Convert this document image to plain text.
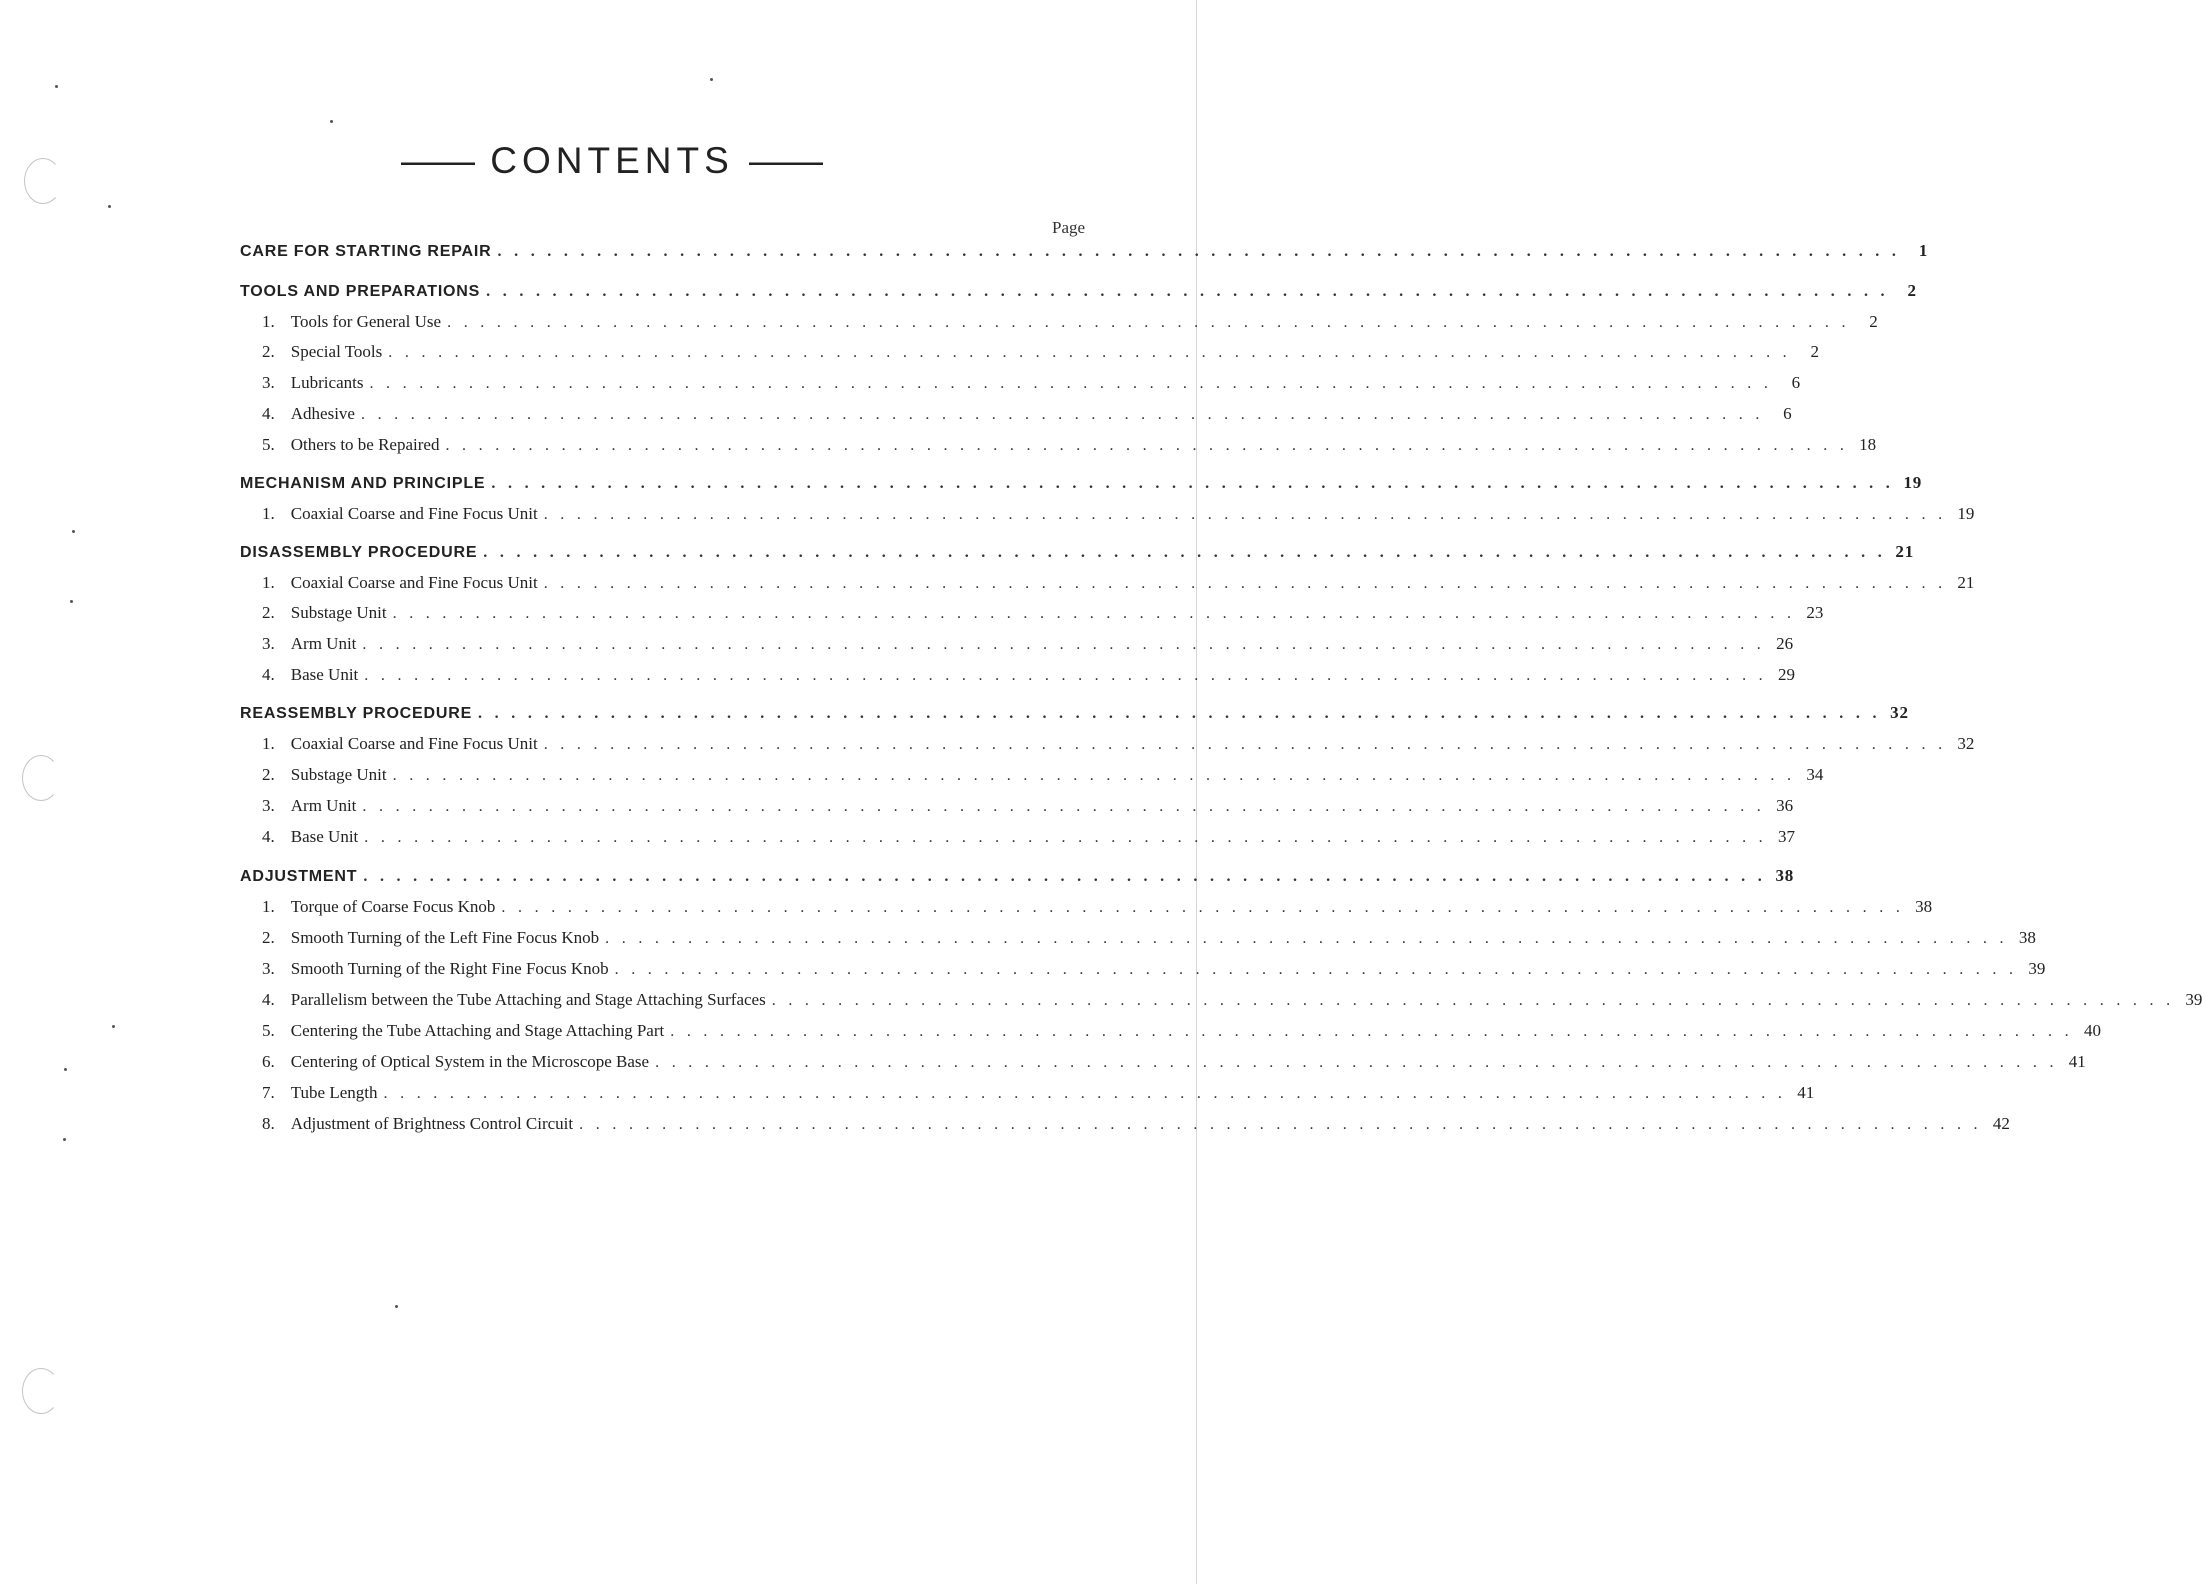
—— CONTENTS ——
Page
CARE FOR STARTING REPAIR . . . . . . . . . . . . . . . . . . . . . . . . . . . . . . . . . . . . . . . . . . . . . . . . . . . . . . . . . . . . . . . . . . . . . . . . . . . . . . . . . . . . .	1
TOOLS AND PREPARATIONS . . . . . . . . . . . . . . . . . . . . . . . . . . . . . . . . . . . . . . . . . . . . . . . . . . . . . . . . . . . . . . . . . . . . . . . . . . . . . . . . . . . . .	2
1. Tools for General Use . . . . . . . . . . . . . . . . . . . . . . . . . . . . . . . . . . . . . . . . . . . . . . . . . . . . . . . . . . . . . . . . . . . . . . . . . . . . . . . . . . . . .	2
2. Special Tools . . . . . . . . . . . . . . . . . . . . . . . . . . . . . . . . . . . . . . . . . . . . . . . . . . . . . . . . . . . . . . . . . . . . . . . . . . . . . . . . . . . . .	2
3. Lubricants . . . . . . . . . . . . . . . . . . . . . . . . . . . . . . . . . . . . . . . . . . . . . . . . . . . . . . . . . . . . . . . . . . . . . . . . . . . . . . . . . . . . .	6
4. Adhesive . . . . . . . . . . . . . . . . . . . . . . . . . . . . . . . . . . . . . . . . . . . . . . . . . . . . . . . . . . . . . . . . . . . . . . . . . . . . . . . . . . . . .	6
5. Others to be Repaired . . . . . . . . . . . . . . . . . . . . . . . . . . . . . . . . . . . . . . . . . . . . . . . . . . . . . . . . . . . . . . . . . . . . . . . . . . . . . . . . . . . . . 18
MECHANISM AND PRINCIPLE . . . . . . . . . . . . . . . . . . . . . . . . . . . . . . . . . . . . . . . . . . . . . . . . . . . . . . . . . . . . . . . . . . . . . . . . . . . . . . . . . . . . . 19
1. Coaxial Coarse and Fine Focus Unit . . . . . . . . . . . . . . . . . . . . . . . . . . . . . . . . . . . . . . . . . . . . . . . . . . . . . . . . . . . . . . . . . . . . . . . . . . . . . . . . . . . . . 19
DISASSEMBLY PROCEDURE . . . . . . . . . . . . . . . . . . . . . . . . . . . . . . . . . . . . . . . . . . . . . . . . . . . . . . . . . . . . . . . . . . . . . . . . . . . . . . . . . . . . . 21
1. Coaxial Coarse and Fine Focus Unit . . . . . . . . . . . . . . . . . . . . . . . . . . . . . . . . . . . . . . . . . . . . . . . . . . . . . . . . . . . . . . . . . . . . . . . . . . . . . . . . . . . . . 21
2. Substage Unit . . . . . . . . . . . . . . . . . . . . . . . . . . . . . . . . . . . . . . . . . . . . . . . . . . . . . . . . . . . . . . . . . . . . . . . . . . . . . . . . . . . . . 23
3. Arm Unit . . . . . . . . . . . . . . . . . . . . . . . . . . . . . . . . . . . . . . . . . . . . . . . . . . . . . . . . . . . . . . . . . . . . . . . . . . . . . . . . . . . . . 26
4. Base Unit . . . . . . . . . . . . . . . . . . . . . . . . . . . . . . . . . . . . . . . . . . . . . . . . . . . . . . . . . . . . . . . . . . . . . . . . . . . . . . . . . . . . . 29
REASSEMBLY PROCEDURE . . . . . . . . . . . . . . . . . . . . . . . . . . . . . . . . . . . . . . . . . . . . . . . . . . . . . . . . . . . . . . . . . . . . . . . . . . . . . . . . . . . . . 32
1. Coaxial Coarse and Fine Focus Unit . . . . . . . . . . . . . . . . . . . . . . . . . . . . . . . . . . . . . . . . . . . . . . . . . . . . . . . . . . . . . . . . . . . . . . . . . . . . . . . . . . . . . 32
2. Substage Unit . . . . . . . . . . . . . . . . . . . . . . . . . . . . . . . . . . . . . . . . . . . . . . . . . . . . . . . . . . . . . . . . . . . . . . . . . . . . . . . . . . . . . 34
3. Arm Unit . . . . . . . . . . . . . . . . . . . . . . . . . . . . . . . . . . . . . . . . . . . . . . . . . . . . . . . . . . . . . . . . . . . . . . . . . . . . . . . . . . . . . 36
4. Base Unit . . . . . . . . . . . . . . . . . . . . . . . . . . . . . . . . . . . . . . . . . . . . . . . . . . . . . . . . . . . . . . . . . . . . . . . . . . . . . . . . . . . . . 37
ADJUSTMENT . . . . . . . . . . . . . . . . . . . . . . . . . . . . . . . . . . . . . . . . . . . . . . . . . . . . . . . . . . . . . . . . . . . . . . . . . . . . . . . . . . . . . 38
1. Torque of Coarse Focus Knob . . . . . . . . . . . . . . . . . . . . . . . . . . . . . . . . . . . . . . . . . . . . . . . . . . . . . . . . . . . . . . . . . . . . . . . . . . . . . . . . . . . . . 38
2. Smooth Turning of the Left Fine Focus Knob . . . . . . . . . . . . . . . . . . . . . . . . . . . . . . . . . . . . . . . . . . . . . . . . . . . . . . . . . . . . . . . . . . . . . . . . . . . . . . . . . . . . . 38
3. Smooth Turning of the Right Fine Focus Knob . . . . . . . . . . . . . . . . . . . . . . . . . . . . . . . . . . . . . . . . . . . . . . . . . . . . . . . . . . . . . . . . . . . . . . . . . . . . . . . . . . . . . 39
4. Parallelism between the Tube Attaching and Stage Attaching Surfaces . . . . . . . . . . . . . . . . . . . . . . . . . . . . . . . . . . . . . . . . . . . . . . . . . . . . . . . . . . . . . . . . . . . . . . . . . . . . . . . . . . . . . 39
5. Centering the Tube Attaching and Stage Attaching Part . . . . . . . . . . . . . . . . . . . . . . . . . . . . . . . . . . . . . . . . . . . . . . . . . . . . . . . . . . . . . . . . . . . . . . . . . . . . . . . . . . . . . 40
6. Centering of Optical System in the Microscope Base . . . . . . . . . . . . . . . . . . . . . . . . . . . . . . . . . . . . . . . . . . . . . . . . . . . . . . . . . . . . . . . . . . . . . . . . . . . . . . . . . . . . . 41
7. Tube Length . . . . . . . . . . . . . . . . . . . . . . . . . . . . . . . . . . . . . . . . . . . . . . . . . . . . . . . . . . . . . . . . . . . . . . . . . . . . . . . . . . . . . 41
8. Adjustment of Brightness Control Circuit . . . . . . . . . . . . . . . . . . . . . . . . . . . . . . . . . . . . . . . . . . . . . . . . . . . . . . . . . . . . . . . . . . . . . . . . . . . . . . . . . . . . . 42
